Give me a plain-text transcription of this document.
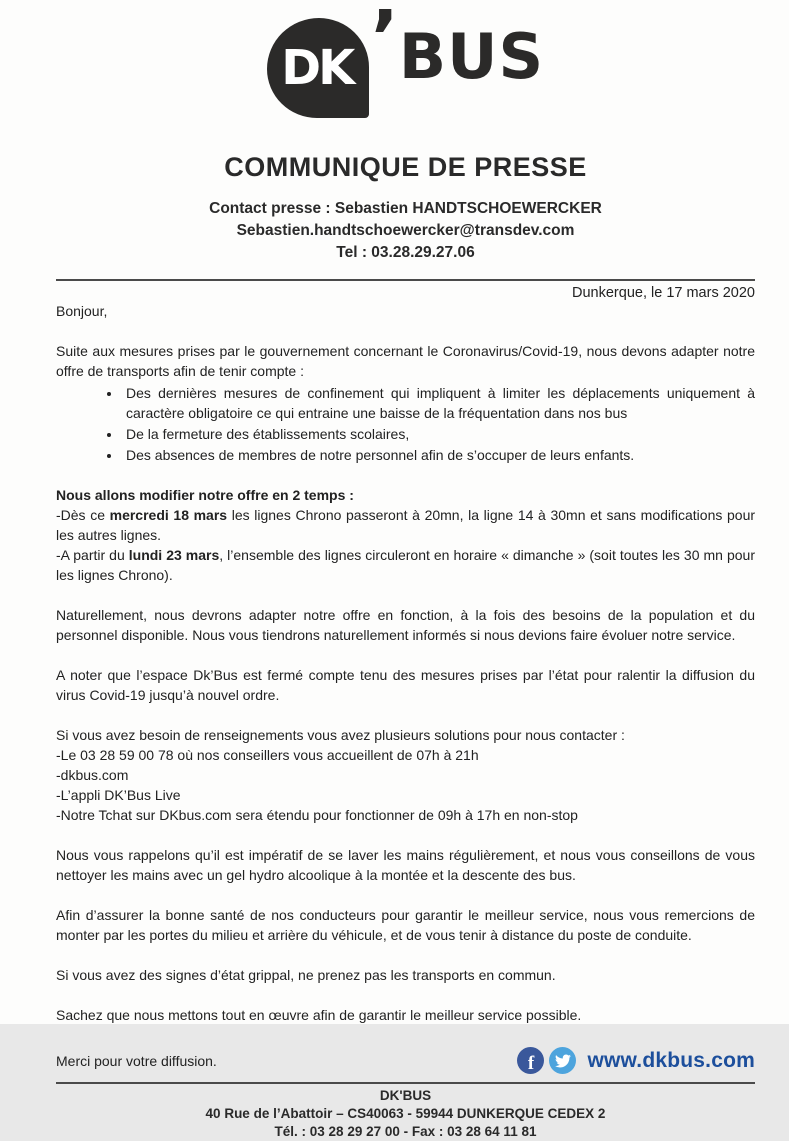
DK ’ BUS
COMMUNIQUE DE PRESSE
Contact presse : Sebastien HANDTSCHOEWERCKER
Sebastien.handtschoewercker@transdev.com
Tel : 03.28.29.27.06
Dunkerque, le 17 mars 2020

Bonjour,

Suite aux mesures prises par le gouvernement concernant le Coronavirus/Covid-19, nous devons adapter notre offre de transports afin de tenir compte :

• Des dernières mesures de confinement qui impliquent à limiter les déplacements uniquement à caractère obligatoire ce qui entraine une baisse de la fréquentation dans nos bus
• De la fermeture des établissements scolaires,
• Des absences de membres de notre personnel afin de s’occuper de leurs enfants.

Nous allons modifier notre offre en 2 temps :

-Dès ce mercredi 18 mars les lignes Chrono passeront à 20mn, la ligne 14 à 30mn et sans modifications pour les autres lignes.

-A partir du lundi 23 mars, l’ensemble des lignes circuleront en horaire « dimanche » (soit toutes les 30 mn pour les lignes Chrono).

Naturellement, nous devrons adapter notre offre en fonction, à la fois des besoins de la population et du personnel disponible. Nous vous tiendrons naturellement informés si nous devions faire évoluer notre service.

A noter que l’espace Dk’Bus est fermé compte tenu des mesures prises par l’état pour ralentir la diffusion du virus Covid-19 jusqu’à nouvel ordre.

Si vous avez besoin de renseignements vous avez plusieurs solutions pour nous contacter :

-Le 03 28 59 00 78 où nos conseillers vous accueillent de 07h à 21h

-dkbus.com

-L’appli DK’Bus Live

-Notre Tchat sur DKbus.com sera étendu pour fonctionner de 09h à 17h en non-stop

Nous vous rappelons qu’il est impératif de se laver les mains régulièrement, et nous vous conseillons de vous nettoyer les mains avec un gel hydro alcoolique à la montée et la descente des bus.

Afin d’assurer la bonne santé de nos conducteurs pour garantir le meilleur service, nous vous remercions de monter par les portes du milieu et arrière du véhicule, et de vous tenir à distance du poste de conduite.

Si vous avez des signes d’état grippal, ne prenez pas les transports en commun.

Sachez que nous mettons tout en œuvre afin de garantir le meilleur service possible.

Merci pour votre diffusion.	f	www.dkbus.com
DK'BUS
40 Rue de l’Abattoir – CS40063 - 59944 DUNKERQUE CEDEX 2
Tél. : 03 28 29 27 00 - Fax : 03 28 64 11 81
